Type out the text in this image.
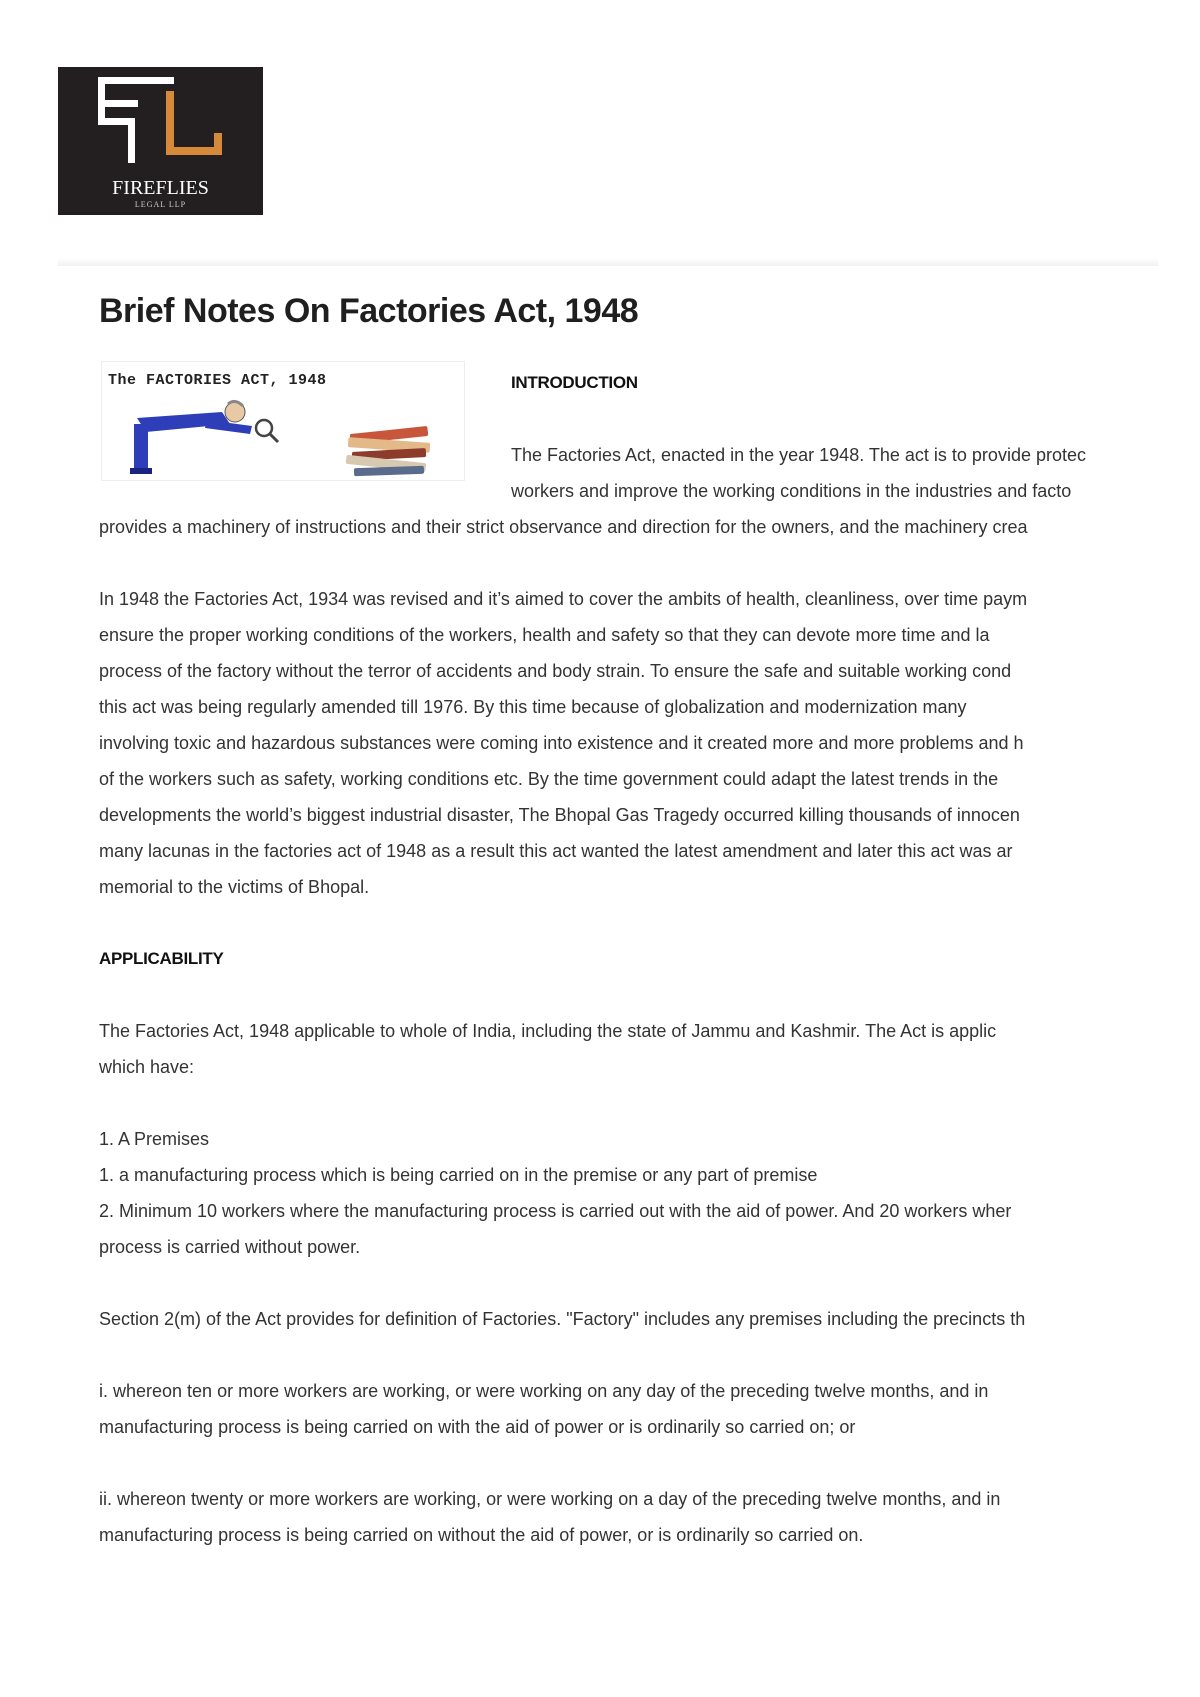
FIREFLIES
LEGAL LLP
Brief Notes On Factories Act, 1948
The FACTORIES ACT, 1948	INTRODUCTION
The Factories Act, enacted in the year 1948. The act is to provide protec
workers and improve the working conditions in the industries and facto
provides a machinery of instructions and their strict observance and direction for the owners, and the machinery crea
In 1948 the Factories Act, 1934 was revised and it’s aimed to cover the ambits of health, cleanliness, over time paym
ensure the proper working conditions of the workers, health and safety so that they can devote more time and la
process of the factory without the terror of accidents and body strain. To ensure the safe and suitable working cond
this act was being regularly amended till 1976. By this time because of globalization and modernization many
involving toxic and hazardous substances were coming into existence and it created more and more problems and h
of the workers such as safety, working conditions etc. By the time government could adapt the latest trends in the
developments the world’s biggest industrial disaster, The Bhopal Gas Tragedy occurred killing thousands of innocen
many lacunas in the factories act of 1948 as a result this act wanted the latest amendment and later this act was ar
memorial to the victims of Bhopal.
APPLICABILITY
The Factories Act, 1948 applicable to whole of India, including the state of Jammu and Kashmir. The Act is applic
which have:
1. A Premises
1. a manufacturing process which is being carried on in the premise or any part of premise
2. Minimum 10 workers where the manufacturing process is carried out with the aid of power. And 20 workers wher
process is carried without power.
Section 2(m) of the Act provides for definition of Factories. "Factory" includes any premises including the precincts th
i. whereon ten or more workers are working, or were working on any day of the preceding twelve months, and in
manufacturing process is being carried on with the aid of power or is ordinarily so carried on; or
ii. whereon twenty or more workers are working, or were working on a day of the preceding twelve months, and in
manufacturing process is being carried on without the aid of power, or is ordinarily so carried on.
